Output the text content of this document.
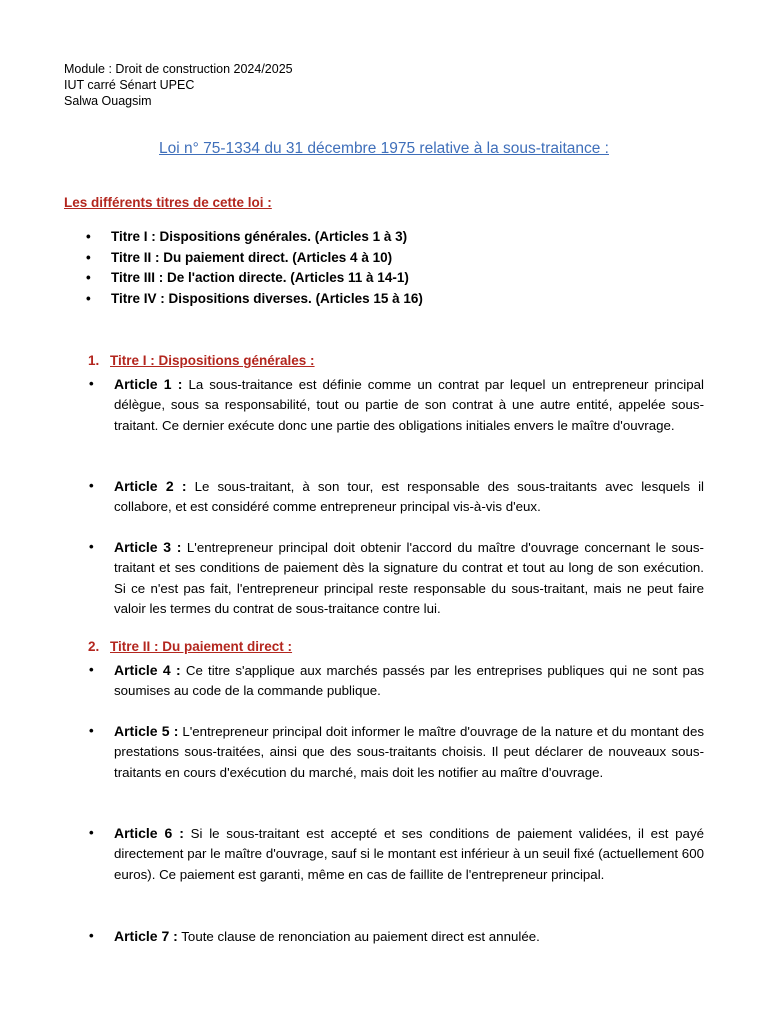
Module : Droit de construction 2024/2025
IUT carré Sénart UPEC
Salwa Ouagsim
Loi n° 75-1334 du 31 décembre 1975 relative à la sous-traitance :
Les différents titres de cette loi :
• Titre I : Dispositions générales. (Articles 1 à 3)
• Titre II : Du paiement direct. (Articles 4 à 10)
• Titre III : De l'action directe. (Articles 11 à 14-1)
• Titre IV : Dispositions diverses. (Articles 15 à 16)
1. Titre I : Dispositions générales :
• Article 1 : La sous-traitance est définie comme un contrat par lequel un entrepreneur principal délègue, sous sa responsabilité, tout ou partie de son contrat à une autre entité, appelée sous-traitant. Ce dernier exécute donc une partie des obligations initiales envers le maître d'ouvrage.
• Article 2 : Le sous-traitant, à son tour, est responsable des sous-traitants avec lesquels il collabore, et est considéré comme entrepreneur principal vis-à-vis d'eux.
• Article 3 : L'entrepreneur principal doit obtenir l'accord du maître d'ouvrage concernant le sous-traitant et ses conditions de paiement dès la signature du contrat et tout au long de son exécution. Si ce n'est pas fait, l'entrepreneur principal reste responsable du sous-traitant, mais ne peut faire valoir les termes du contrat de sous-traitance contre lui.
2. Titre II : Du paiement direct :
• Article 4 : Ce titre s'applique aux marchés passés par les entreprises publiques qui ne sont pas soumises au code de la commande publique.
• Article 5 : L'entrepreneur principal doit informer le maître d'ouvrage de la nature et du montant des prestations sous-traitées, ainsi que des sous-traitants choisis. Il peut déclarer de nouveaux sous-traitants en cours d'exécution du marché, mais doit les notifier au maître d'ouvrage.
• Article 6 : Si le sous-traitant est accepté et ses conditions de paiement validées, il est payé directement par le maître d'ouvrage, sauf si le montant est inférieur à un seuil fixé (actuellement 600 euros). Ce paiement est garanti, même en cas de faillite de l'entrepreneur principal.
• Article 7 : Toute clause de renonciation au paiement direct est annulée.
